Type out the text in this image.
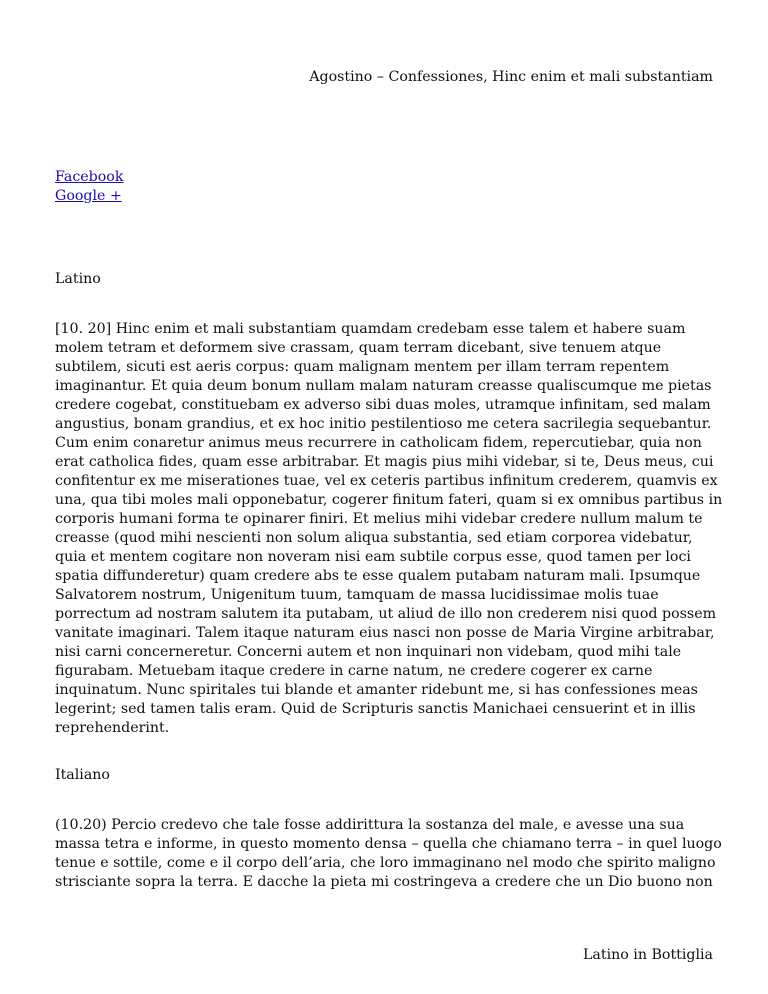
Agostino – Confessiones, Hinc enim et mali substantiam
Facebook
Google +
Latino

[10. 20] Hinc enim et mali substantiam quamdam credebam esse talem et habere suam molem tetram et deformem sive crassam, quam terram dicebant, sive tenuem atque subtilem, sicuti est aeris corpus: quam malignam mentem per illam terram repentem imaginantur. Et quia deum bonum nullam malam naturam creasse qualiscumque me pietas credere cogebat, constituebam ex adverso sibi duas moles, utramque infinitam, sed malam angustius, bonam grandius, et ex hoc initio pestilentioso me cetera sacrilegia sequebantur. Cum enim conaretur animus meus recurrere in catholicam fidem, repercutiebar, quia non erat catholica fides, quam esse arbitrabar. Et magis pius mihi videbar, si te, Deus meus, cui confitentur ex me miserationes tuae, vel ex ceteris partibus infinitum crederem, quamvis ex una, qua tibi moles mali opponebatur, cogerer finitum fateri, quam si ex omnibus partibus in corporis humani forma te opinarer finiri. Et melius mihi videbar credere nullum malum te creasse (quod mihi nescienti non solum aliqua substantia, sed etiam corporea videbatur, quia et mentem cogitare non noveram nisi eam subtile corpus esse, quod tamen per loci spatia diffunderetur) quam credere abs te esse qualem putabam naturam mali. Ipsumque Salvatorem nostrum, Unigenitum tuum, tamquam de massa lucidissimae molis tuae porrectum ad nostram salutem ita putabam, ut aliud de illo non crederem nisi quod possem vanitate imaginari. Talem itaque naturam eius nasci non posse de Maria Virgine arbitrabar, nisi carni concerneretur. Concerni autem et non inquinari non videbam, quod mihi tale figurabam. Metuebam itaque credere in carne natum, ne credere cogerer ex carne inquinatum. Nunc spiritales tui blande et amanter ridebunt me, si has confessiones meas legerint; sed tamen talis eram. Quid de Scripturis sanctis Manichaei censuerint et in illis reprehenderint.

Italiano

(10.20) Percio credevo che tale fosse addirittura la sostanza del male, e avesse una sua massa tetra e informe, in questo momento densa – quella che chiamano terra – in quel luogo tenue e sottile, come e il corpo dell’aria, che loro immaginano nel modo che spirito maligno strisciante sopra la terra. E dacche la pieta mi costringeva a credere che un Dio buono non

Latino in Bottiglia
